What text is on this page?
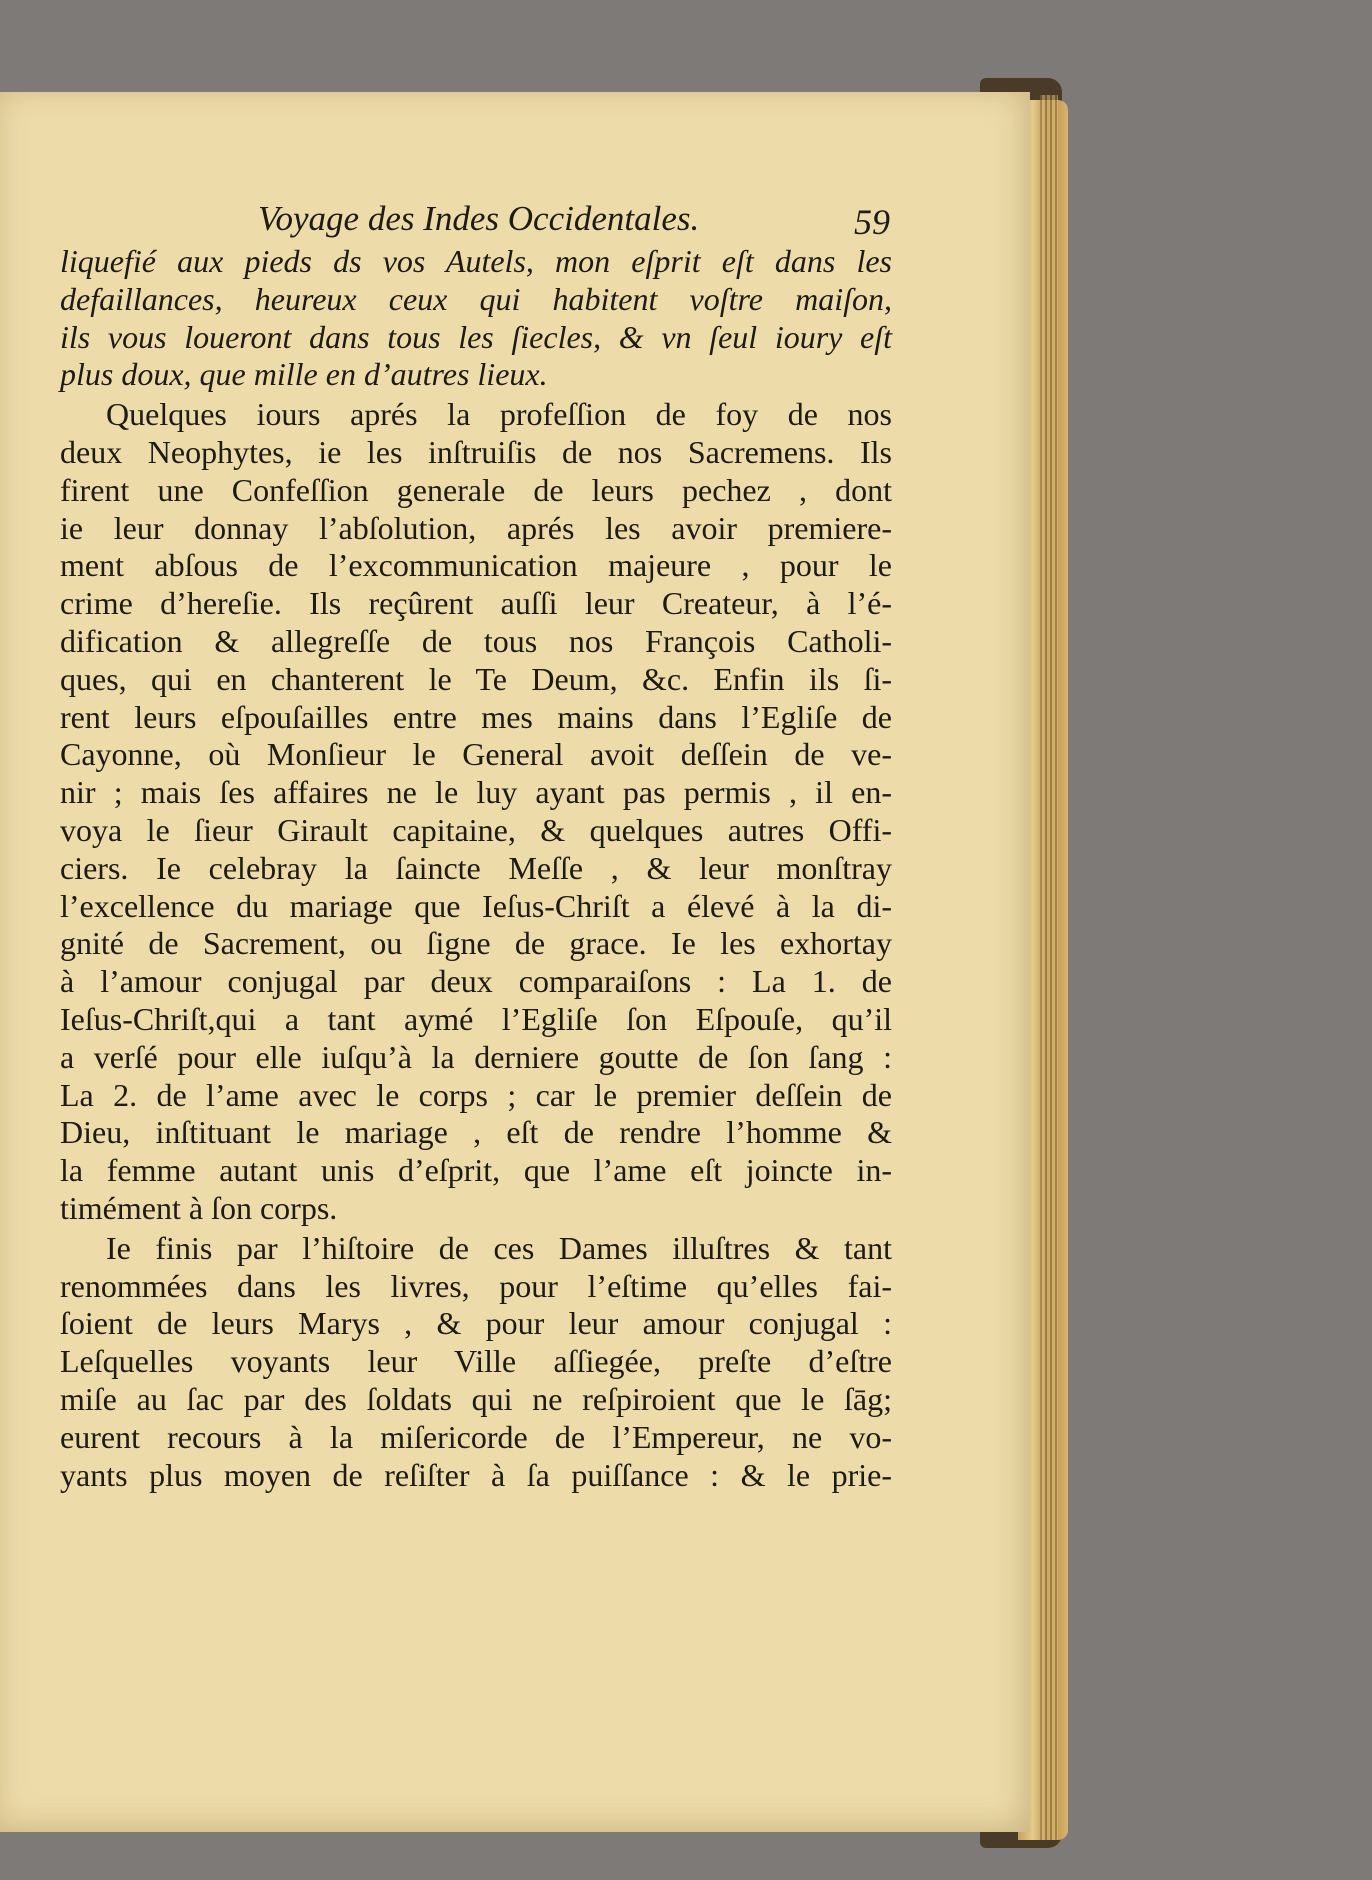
Voyage des Indes Occidentales.	59
liquefié aux pieds ds vos Autels, mon eſprit eſt dans les
defaillances, heureux ceux qui habitent voſtre maiſon,
ils vous loueront dans tous les ſiecles, & vn ſeul ioury eſt
plus doux, que mille en d’autres lieux.
Quelques iours aprés la profeſſion de foy de nos
deux Neophytes, ie les inſtruiſis de nos Sacremens. Ils
firent une Confeſſion generale de leurs pechez , dont
ie leur donnay l’abſolution, aprés les avoir premiere-
ment abſous de l’excommunication majeure , pour le
crime d’hereſie. Ils reçûrent auſſi leur Createur, à l’é-
dification & allegreſſe de tous nos François Catholi-
ques, qui en chanterent le Te Deum, &c. Enfin ils ſi-
rent leurs eſpouſailles entre mes mains dans l’Egliſe de
Cayonne, où Monſieur le General avoit deſſein de ve-
nir ; mais ſes affaires ne le luy ayant pas permis , il en-
voya le ſieur Girault capitaine, & quelques autres Offi-
ciers. Ie celebray la ſaincte Meſſe , & leur monſtray
l’excellence du mariage que Ieſus-Chriſt a élevé à la di-
gnité de Sacrement, ou ſigne de grace. Ie les exhortay
à l’amour conjugal par deux comparaiſons : La 1. de
Ieſus-Chriſt,qui a tant aymé l’Egliſe ſon Eſpouſe, qu’il
a verſé pour elle iuſqu’à la derniere goutte de ſon ſang :
La 2. de l’ame avec le corps ; car le premier deſſein de
Dieu, inſtituant le mariage , eſt de rendre l’homme &
la femme autant unis d’eſprit, que l’ame eſt joincte in-
timément à ſon corps.
Ie finis par l’hiſtoire de ces Dames illuſtres & tant
renommées dans les livres, pour l’eſtime qu’elles fai-
ſoient de leurs Marys , & pour leur amour conjugal :
Leſquelles voyants leur Ville aſſiegée, preſte d’eſtre
miſe au ſac par des ſoldats qui ne reſpiroient que le ſāg;
eurent recours à la miſericorde de l’Empereur, ne vo-
yants plus moyen de reſiſter à ſa puiſſance : & le prie-
